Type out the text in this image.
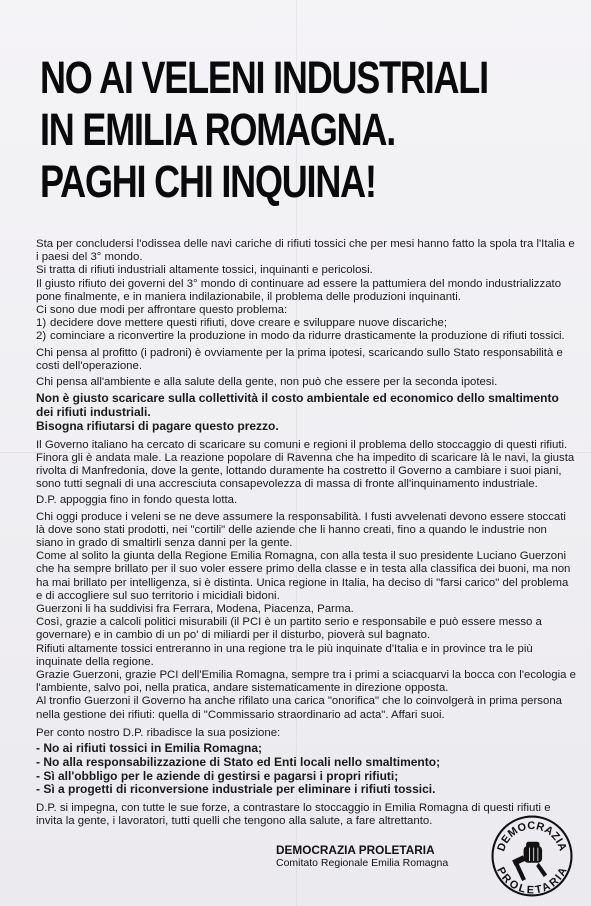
NO AI VELENI INDUSTRIALI
IN EMILIA ROMAGNA.
PAGHI CHI INQUINA!

Sta per concludersi l'odissea delle navi cariche di rifiuti tossici che per mesi hanno fatto la spola tra l'Italia e i paesi del 3° mondo.

Si tratta di rifiuti industriali altamente tossici, inquinanti e pericolosi.

Il giusto rifiuto dei governi del 3° mondo di continuare ad essere la pattumiera del mondo industrializzato pone finalmente, e in maniera indilazionabile, il problema delle produzioni inquinanti.

Ci sono due modi per affrontare questo problema:

1) decidere dove mettere questi rifiuti, dove creare e sviluppare nuove discariche;

2) cominciare a riconvertire la produzione in modo da ridurre drasticamente la produzione di rifiuti tossici.

Chi pensa al profitto (i padroni) è ovviamente per la prima ipotesi, scaricando sullo Stato responsabilità e costi dell'operazione.

Chi pensa all'ambiente e alla salute della gente, non può che essere per la seconda ipotesi.

Non è giusto scaricare sulla collettività il costo ambientale ed economico dello smaltimento dei rifiuti industriali.

Bisogna rifiutarsi di pagare questo prezzo.

Il Governo italiano ha cercato di scaricare su comuni e regioni il problema dello stoccaggio di questi rifiuti. Finora gli è andata male. La reazione popolare di Ravenna che ha impedito di scaricare là le navi, la giusta rivolta di Manfredonia, dove la gente, lottando duramente ha costretto il Governo a cambiare i suoi piani, sono tutti segnali di una accresciuta consapevolezza di massa di fronte all'inquinamento industriale.

D.P. appoggia fino in fondo questa lotta.

Chi oggi produce i veleni se ne deve assumere la responsabilità. I fusti avvelenati devono essere stoccati là dove sono stati prodotti, nei "cortili" delle aziende che li hanno creati, fino a quando le industrie non siano in grado di smaltirli senza danni per la gente.

Come al solito la giunta della Regione Emilia Romagna, con alla testa il suo presidente Luciano Guerzoni che ha sempre brillato per il suo voler essere primo della classe e in testa alla classifica dei buoni, ma non ha mai brillato per intelligenza, si è distinta. Unica regione in Italia, ha deciso di "farsi carico" del problema e di accogliere sul suo territorio i micidiali bidoni.

Guerzoni li ha suddivisi fra Ferrara, Modena, Piacenza, Parma.

Così, grazie a calcoli politici misurabili (il PCI è un partito serio e responsabile e può essere messo a governare) e in cambio di un po' di miliardi per il disturbo, pioverà sul bagnato.

Rifiuti altamente tossici entreranno in una regione tra le più inquinate d'Italia e in province tra le più inquinate della regione.

Grazie Guerzoni, grazie PCI dell'Emilia Romagna, sempre tra i primi a sciacquarvi la bocca con l'ecologia e l'ambiente, salvo poi, nella pratica, andare sistematicamente in direzione opposta.

Al tronfio Guerzoni il Governo ha anche rifilato una carica "onorifica" che lo coinvolgerà in prima persona nella gestione dei rifiuti: quella di "Commissario straordinario ad acta". Affari suoi.

Per conto nostro D.P. ribadisce la sua posizione:

- No ai rifiuti tossici in Emilia Romagna;

- No alla responsabilizzazione di Stato ed Enti locali nello smaltimento;

- Sì all'obbligo per le aziende di gestirsi e pagarsi i propri rifiuti;

- Sì a progetti di riconversione industriale per eliminare i rifiuti tossici.

D.P. si impegna, con tutte le sue forze, a contrastare lo stoccaggio in Emilia Romagna di questi rifiuti e invita la gente, i lavoratori, tutti quelli che tengono alla salute, a fare altrettanto.

DEMOCRAZIA PROLETARIA
Comitato Regionale Emilia Romagna
DEMOCRAZIA
PROLETARIA
